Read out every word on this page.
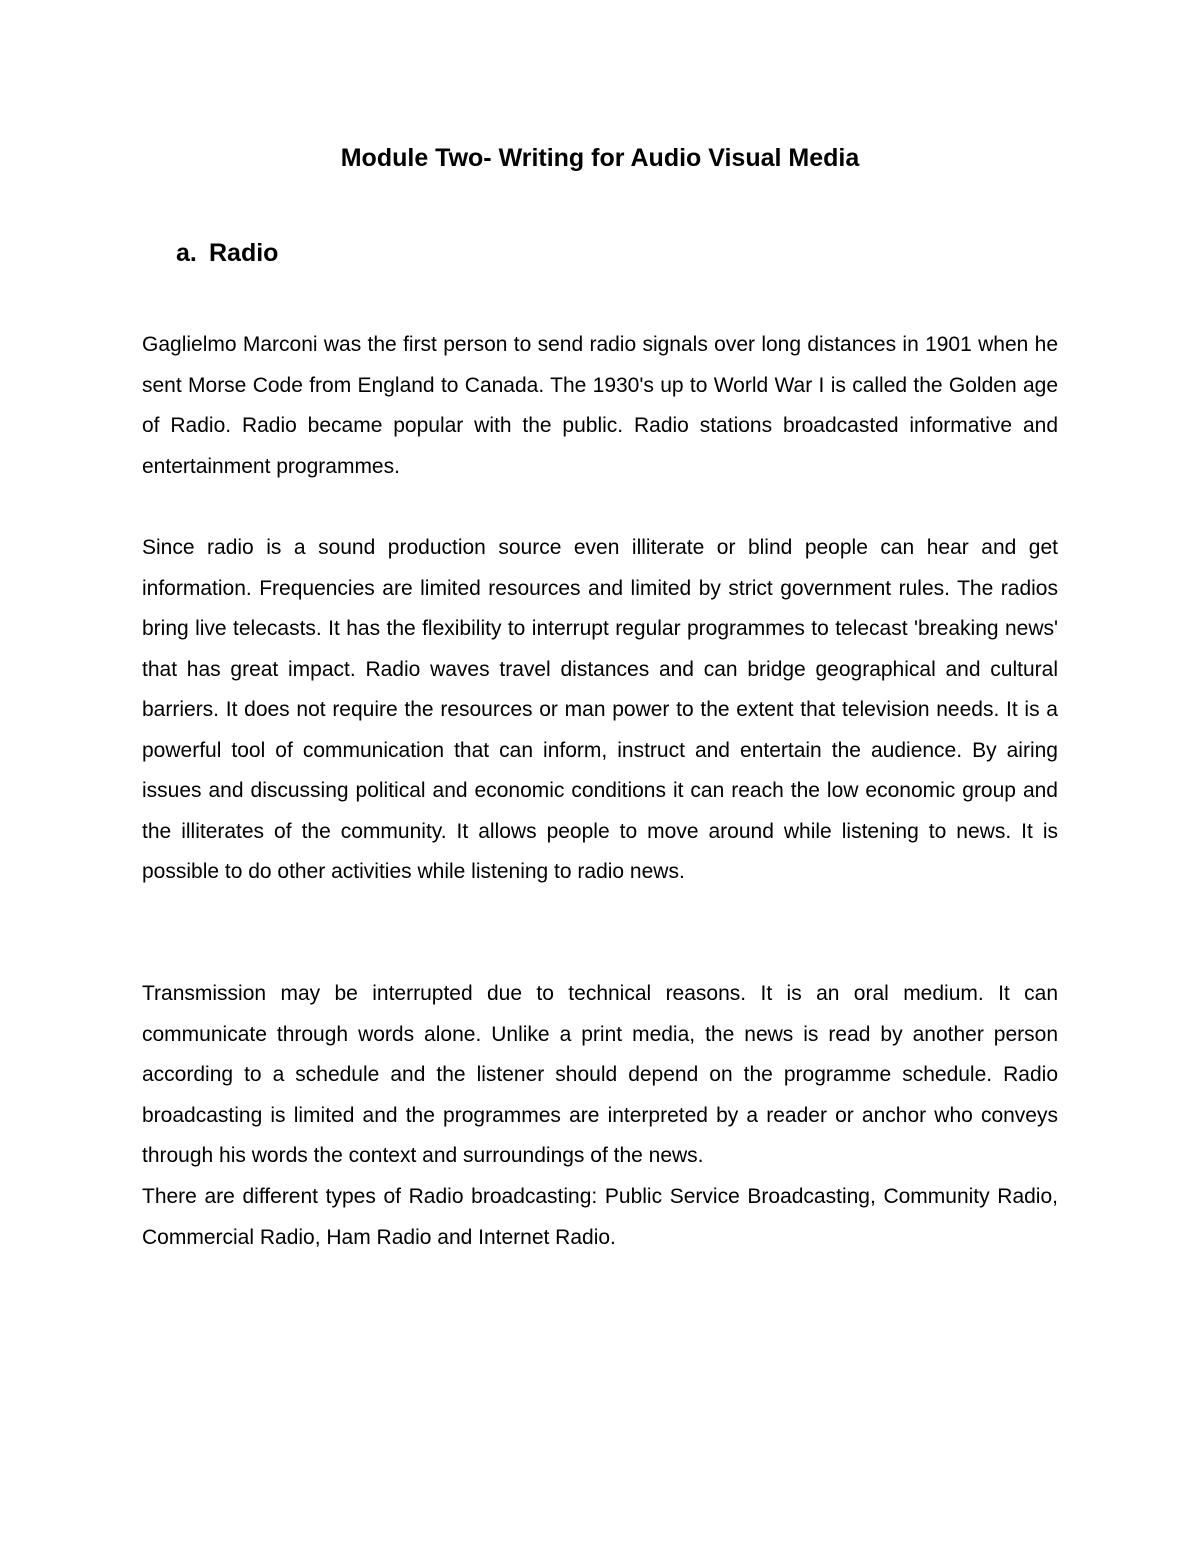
Module Two- Writing for Audio Visual Media
a. Radio

Gaglielmo Marconi was the first person to send radio signals over long distances in 1901 when he sent Morse Code from England to Canada. The 1930's up to World War I is called the Golden age of Radio. Radio became popular with the public. Radio stations broadcasted informative and entertainment programmes.

Since radio is a sound production source even illiterate or blind people can hear and get information. Frequencies are limited resources and limited by strict government rules. The radios bring live telecasts. It has the flexibility to interrupt regular programmes to telecast 'breaking news' that has great impact. Radio waves travel distances and can bridge geographical and cultural barriers. It does not require the resources or man power to the extent that television needs. It is a powerful tool of communication that can inform, instruct and entertain the audience. By airing issues and discussing political and economic conditions it can reach the low economic group and the illiterates of the community. It allows people to move around while listening to news. It is possible to do other activities while listening to radio news.

Transmission may be interrupted due to technical reasons. It is an oral medium. It can communicate through words alone. Unlike a print media, the news is read by another person according to a schedule and the listener should depend on the programme schedule. Radio broadcasting is limited and the programmes are interpreted by a reader or anchor who conveys through his words the context and surroundings of the news.

There are different types of Radio broadcasting: Public Service Broadcasting, Community Radio, Commercial Radio, Ham Radio and Internet Radio.
